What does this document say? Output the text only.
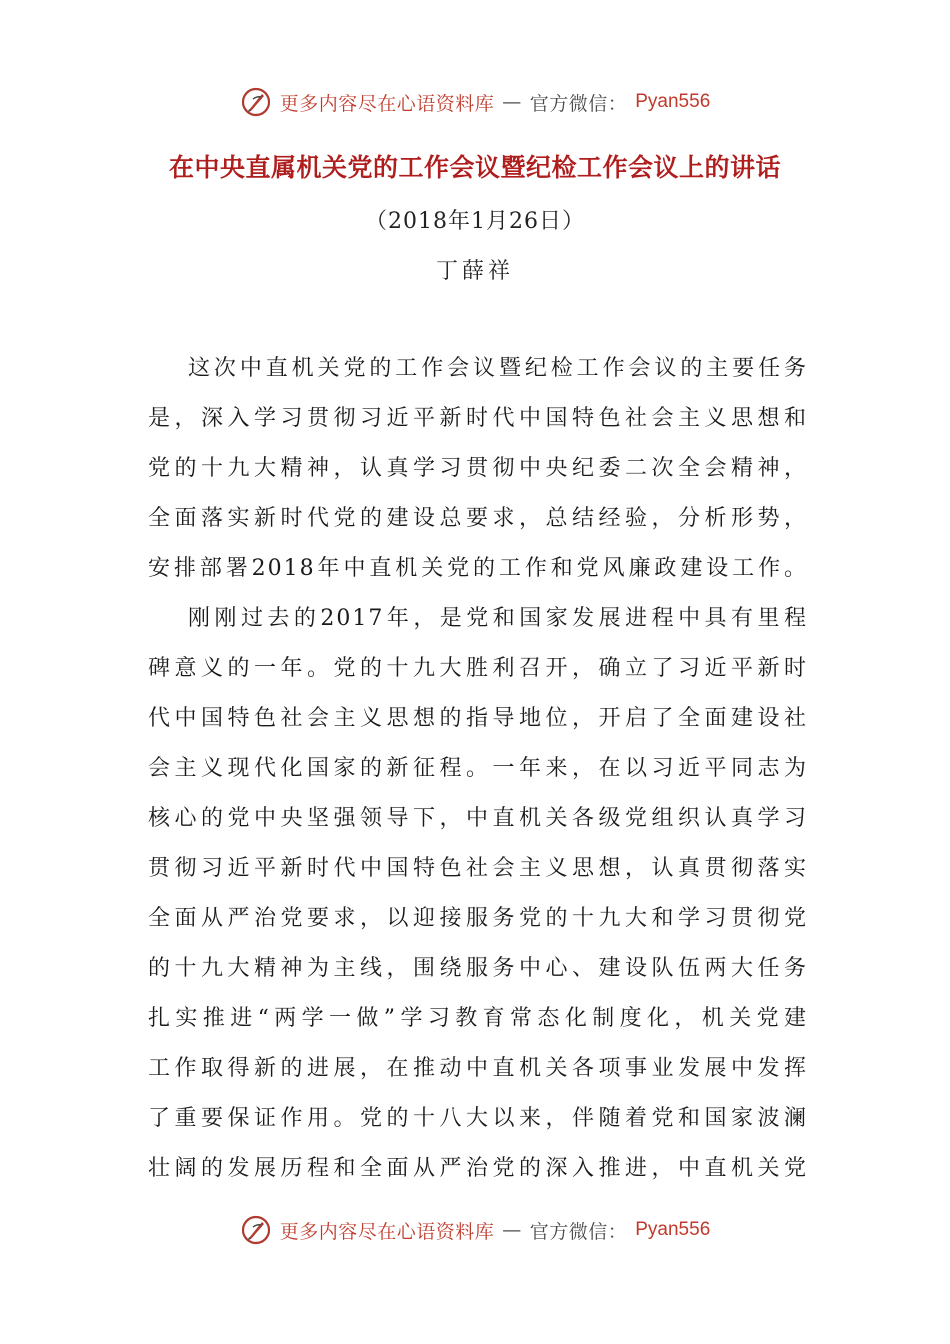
更多内容尽在心语资料库 — 官方微信： Pyan556
在中央直属机关党的工作会议暨纪检工作会议上的讲话
（2018年1月26日）
丁薛祥
这次中直机关党的工作会议暨纪检工作会议的主要任务
是，深入学习贯彻习近平新时代中国特色社会主义思想和
党的十九大精神，认真学习贯彻中央纪委二次全会精神，
全面落实新时代党的建设总要求，总结经验，分析形势，
安排部署2018年中直机关党的工作和党风廉政建设工作。
刚刚过去的2017年，是党和国家发展进程中具有里程
碑意义的一年。党的十九大胜利召开，确立了习近平新时
代中国特色社会主义思想的指导地位，开启了全面建设社
会主义现代化国家的新征程。一年来，在以习近平同志为
核心的党中央坚强领导下，中直机关各级党组织认真学习
贯彻习近平新时代中国特色社会主义思想，认真贯彻落实
全面从严治党要求，以迎接服务党的十九大和学习贯彻党
的十九大精神为主线，围绕服务中心、建设队伍两大任务
扎实推进“两学一做”学习教育常态化制度化，机关党建
工作取得新的进展，在推动中直机关各项事业发展中发挥
了重要保证作用。党的十八大以来，伴随着党和国家波澜
壮阔的发展历程和全面从严治党的深入推进，中直机关党
更多内容尽在心语资料库 — 官方微信： Pyan556
